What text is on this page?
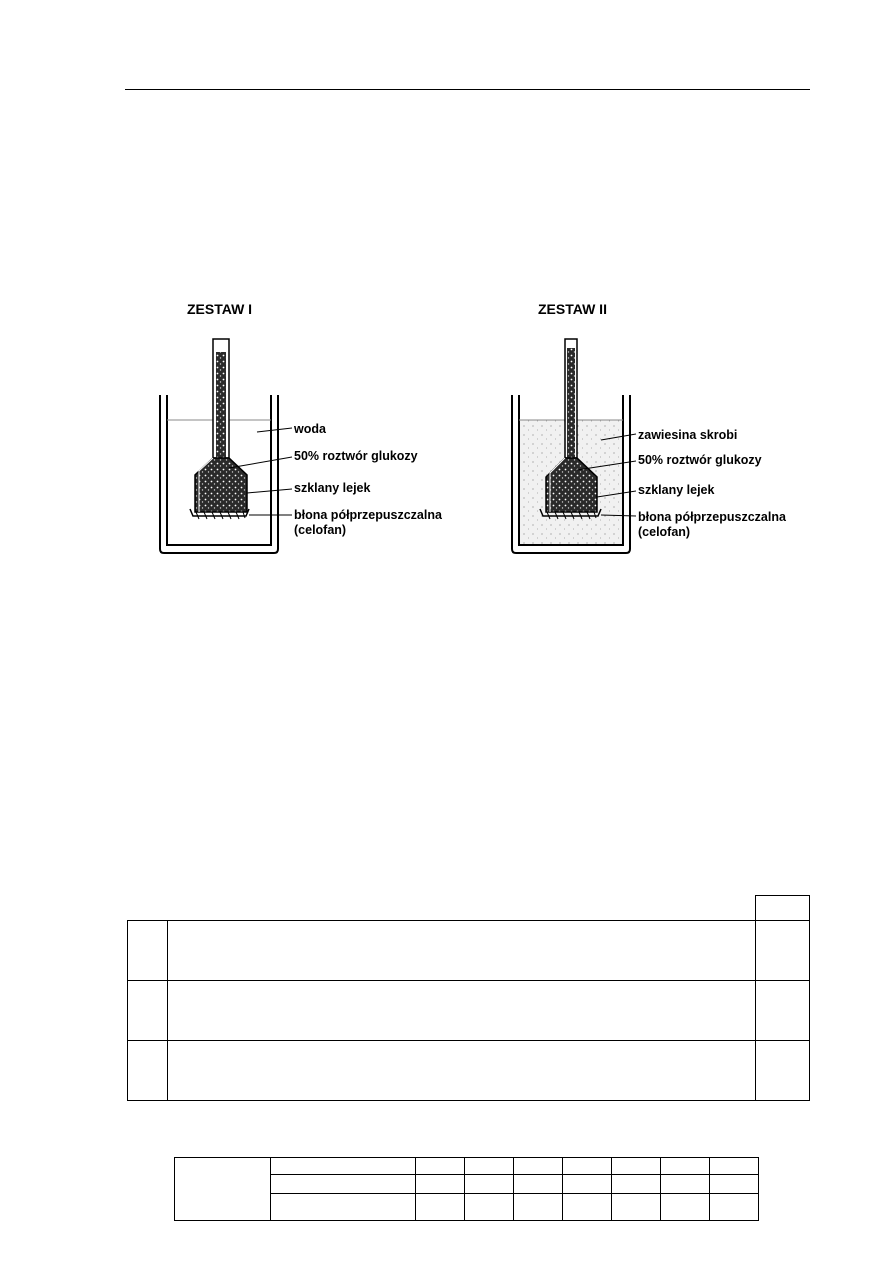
ZESTAW I	ZESTAW II
woda
50% roztwór glukozy
szklany lejek
błona półprzepuszczalna
(celofan)
zawiesina skrobi
50% roztwór glukozy
szklany lejek
błona półprzepuszczalna
(celofan)
